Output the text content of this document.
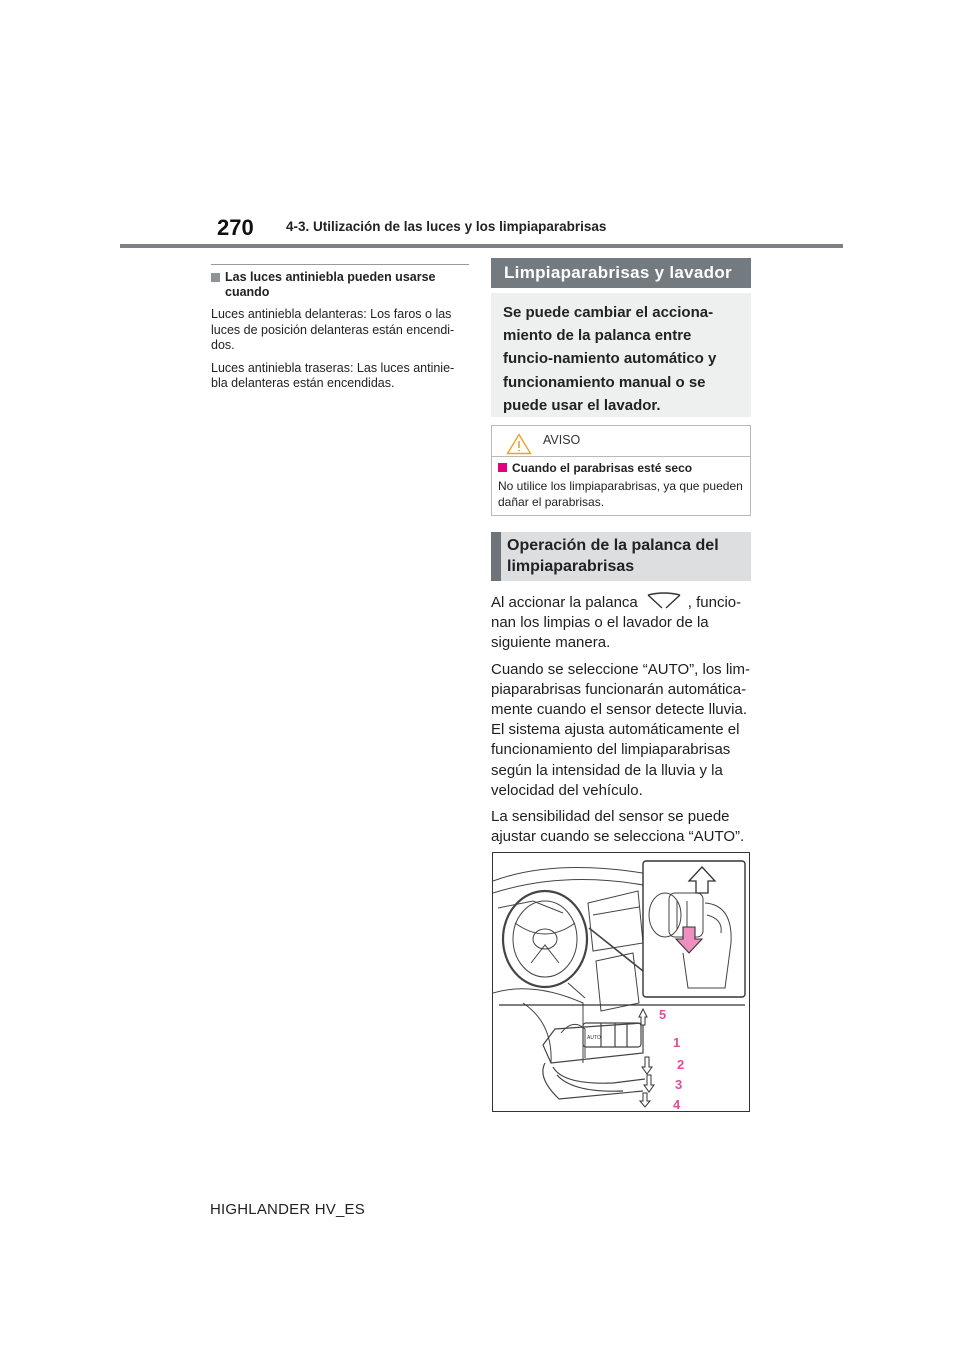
270 4-3. Utilización de las luces y los limpiaparabrisas
Las luces antiniebla pueden usarse cuando

Luces antiniebla delanteras: Los faros o las luces de posición delanteras están encendi-dos.

Luces antiniebla traseras: Las luces antinie-bla delanteras están encendidas.

Limpiaparabrisas y lavador
Se puede cambiar el acciona-miento de la palanca entre funcio-namiento automático y funcionamiento manual o se puede usar el lavador.
AVISO
Cuando el parabrisas esté seco

No utilice los limpiaparabrisas, ya que pueden dañar el parabrisas.

Operación de la palanca del limpiaparabrisas

Al accionar la palanca	, funcio-nan los limpias o el lavador de la siguiente manera.

Cuando se seleccione “AUTO”, los lim-piaparabrisas funcionarán automática-mente cuando el sensor detecte lluvia. El sistema ajusta automáticamente el funcionamiento del limpiaparabrisas según la intensidad de la lluvia y la velocidad del vehículo.

La sensibilidad del sensor se puede ajustar cuando se selecciona “AUTO”.

AUTO
5
1
2
3
4
HIGHLANDER HV_ES
